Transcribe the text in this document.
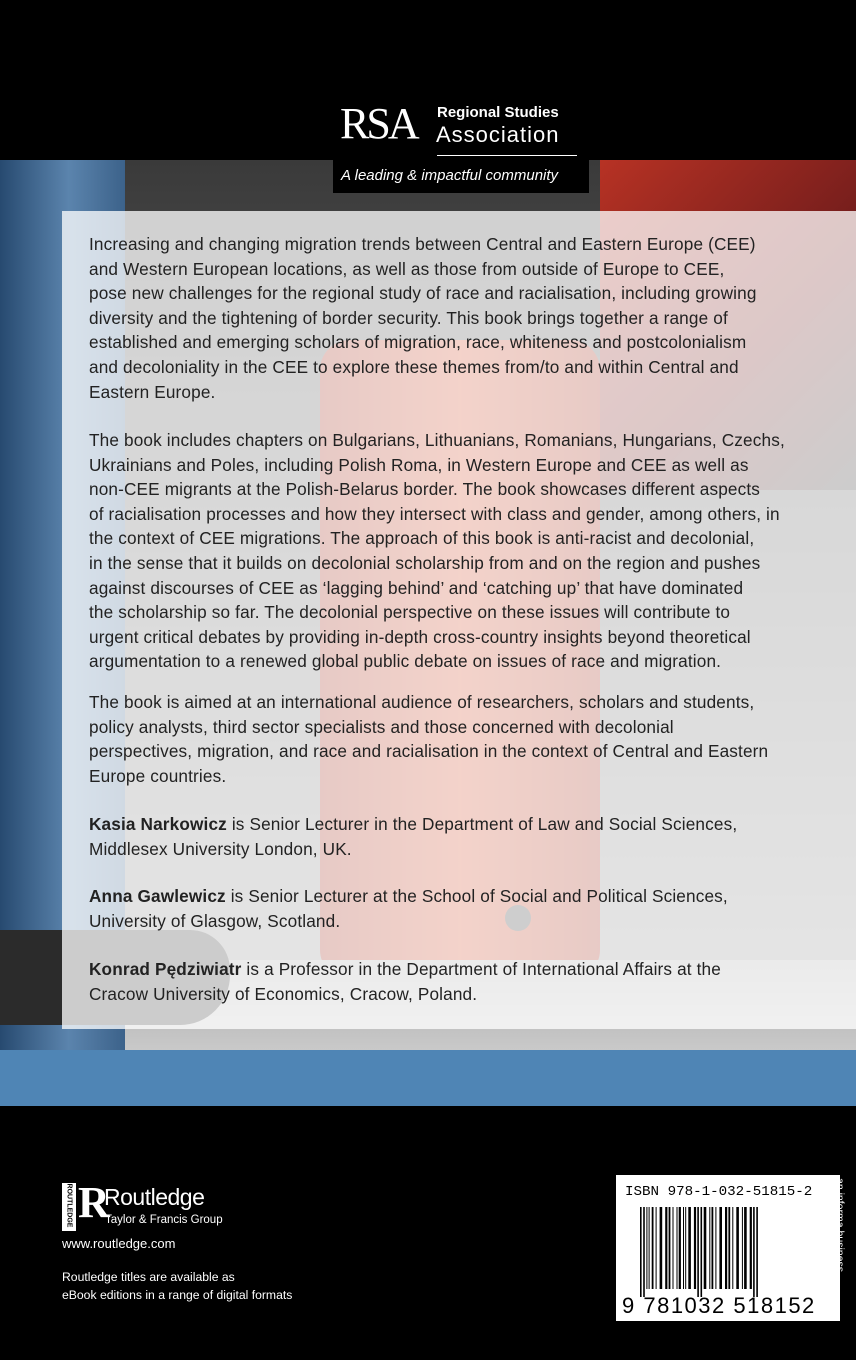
RSA Regional Studies
Association
A leading & impactful community

Increasing and changing migration trends between Central and Eastern Europe (CEE)
and Western European locations, as well as those from outside of Europe to CEE,
pose new challenges for the regional study of race and racialisation, including growing
diversity and the tightening of border security. This book brings together a range of
established and emerging scholars of migration, race, whiteness and postcolonialism
and decoloniality in the CEE to explore these themes from/to and within Central and
Eastern Europe.

The book includes chapters on Bulgarians, Lithuanians, Romanians, Hungarians, Czechs,
Ukrainians and Poles, including Polish Roma, in Western Europe and CEE as well as
non-CEE migrants at the Polish-Belarus border. The book showcases different aspects
of racialisation processes and how they intersect with class and gender, among others, in
the context of CEE migrations. The approach of this book is anti-racist and decolonial,
in the sense that it builds on decolonial scholarship from and on the region and pushes
against discourses of CEE as ‘lagging behind’ and ‘catching up’ that have dominated
the scholarship so far. The decolonial perspective on these issues will contribute to
urgent critical debates by providing in-depth cross-country insights beyond theoretical
argumentation to a renewed global public debate on issues of race and migration.

The book is aimed at an international audience of researchers, scholars and students,
policy analysts, third sector specialists and those concerned with decolonial
perspectives, migration, and race and racialisation in the context of Central and Eastern
Europe countries.

Kasia Narkowicz is Senior Lecturer in the Department of Law and Social Sciences,
Middlesex University London, UK.

Anna Gawlewicz is Senior Lecturer at the School of Social and Political Sciences,
University of Glasgow, Scotland.

Konrad Pędziwiatr is a Professor in the Department of International Affairs at the
Cracow University of Economics, Cracow, Poland.

ROUTLEDGE R
Routledge
Taylor & Francis Group
www.routledge.com
Routledge titles are available as
eBook editions in a range of digital formats
ISBN 978-1-032-51815-2
9 781032 518152
an informa business
